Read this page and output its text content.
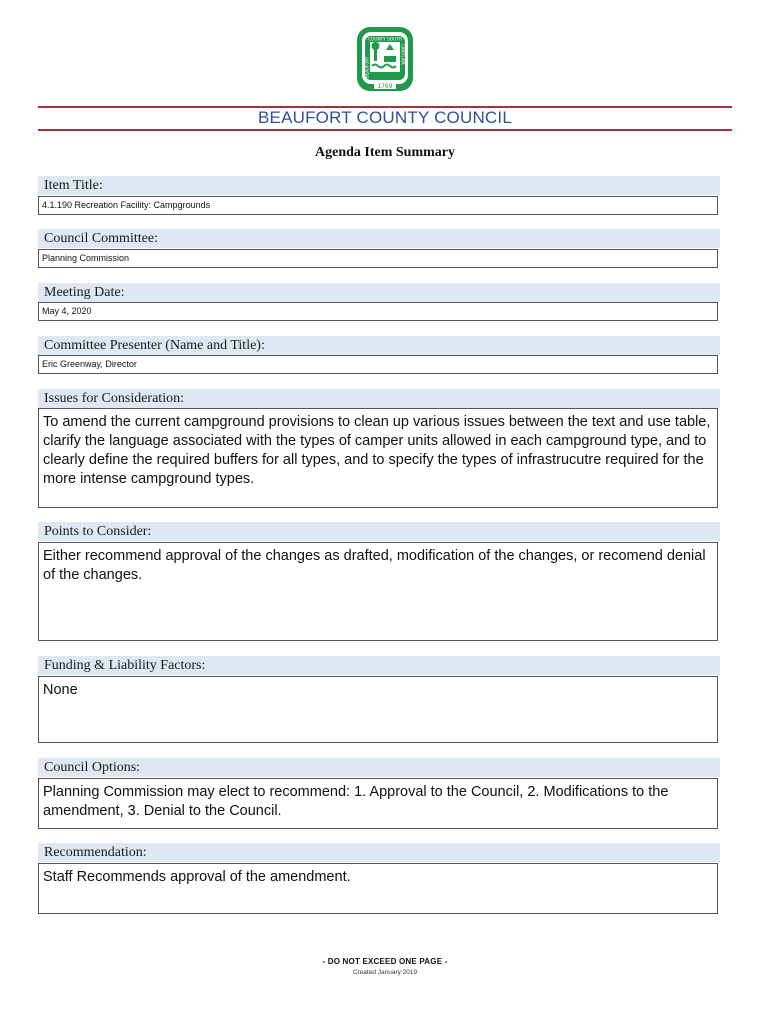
1769
COUNTY SOUTH
BEAUFORT
CAROLINA
BEAUFORT COUNTY COUNCIL
Agenda Item Summary
Item Title:
4.1.190 Recreation Facility: Campgrounds
Council Committee:
Planning Commission
Meeting Date:
May 4, 2020
Committee Presenter (Name and Title):
Eric Greenway, Director
Issues for Consideration:
To amend the current campground provisions to clean up various issues between the text and use table, clarify the language associated with the types of camper units allowed in each campground type, and to clearly define the required buffers for all types, and to specify the types of infrastrucutre required for the more intense campground types.
Points to Consider:
Either recommend approval of the changes as drafted, modification of the changes, or recomend denial of the changes.
Funding & Liability Factors:
None
Council Options:
Planning Commission may elect to recommend: 1. Approval to the Council, 2. Modifications to the amendment, 3. Denial to the Council.
Recommendation:
Staff Recommends approval of the amendment.
- DO NOT EXCEED ONE PAGE -
Created January 2019
